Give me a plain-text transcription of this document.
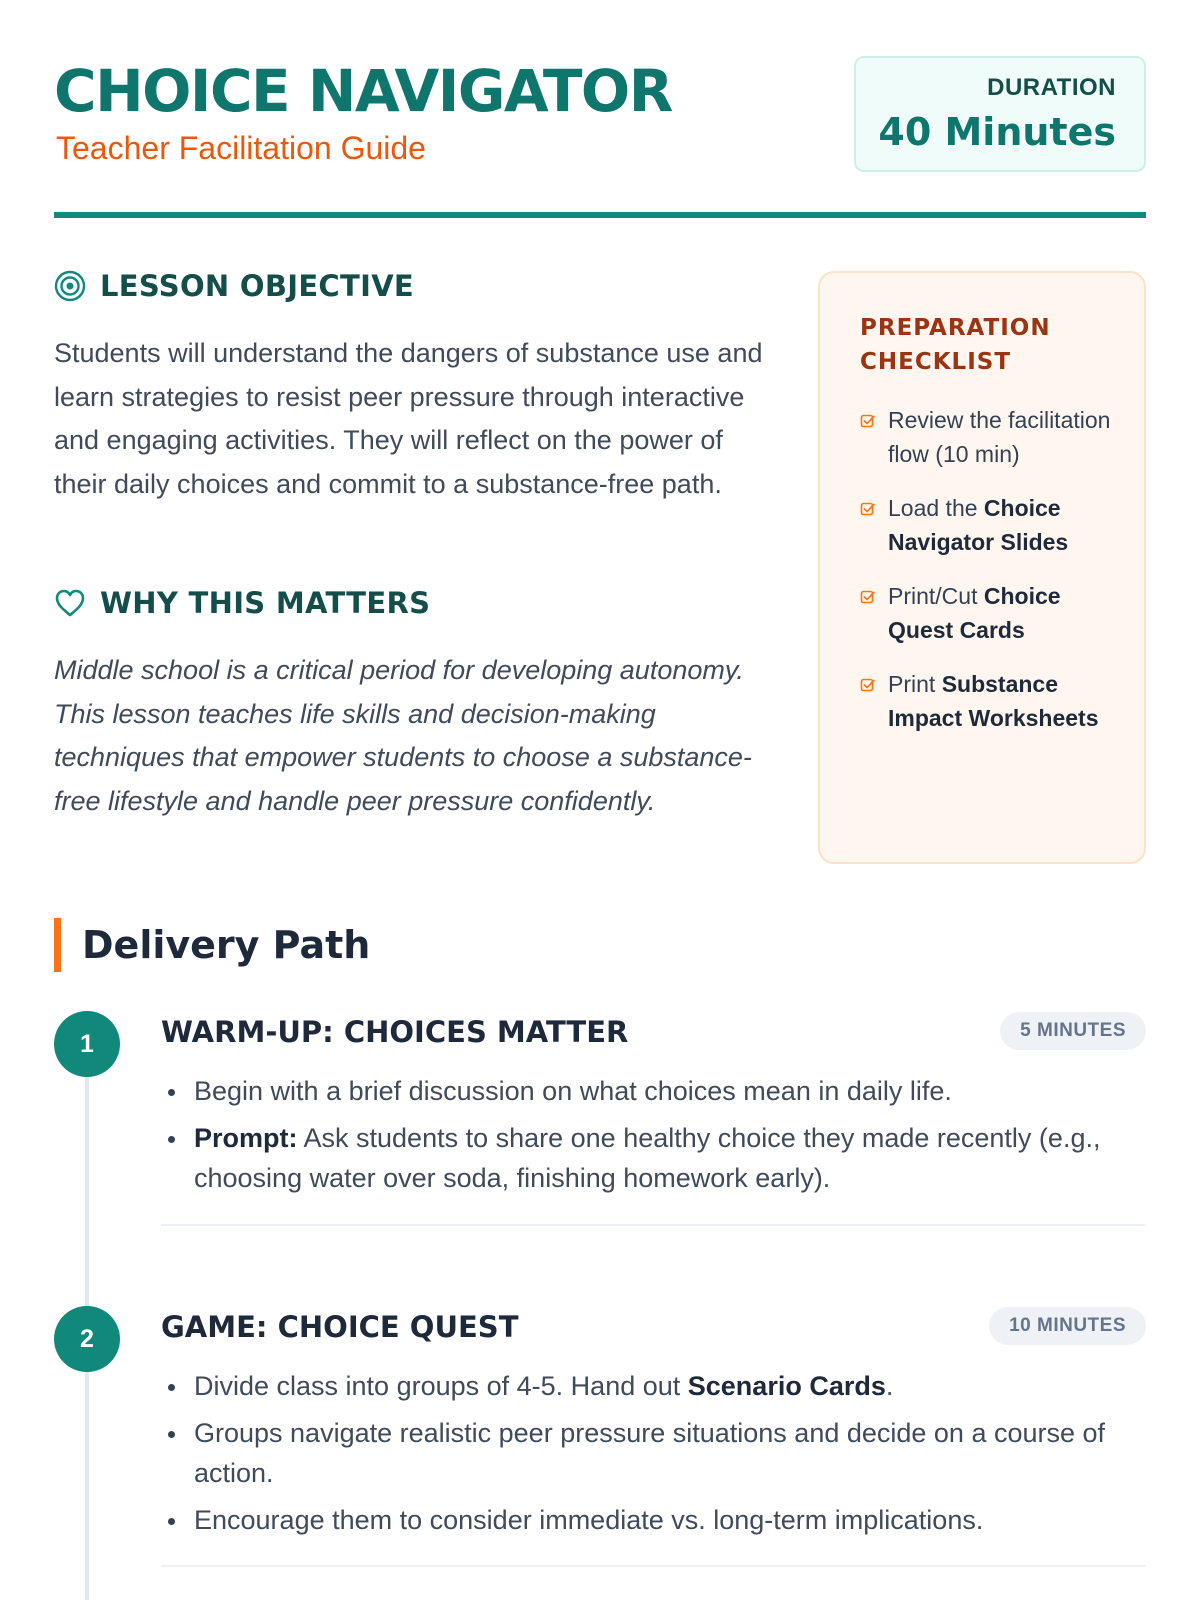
CHOICE NAVIGATOR
Teacher Facilitation Guide
DURATION
40 Minutes
LESSON OBJECTIVE

Students will understand the dangers of substance use and learn strategies to resist peer pressure through interactive and engaging activities. They will reflect on the power of their daily choices and commit to a substance-free path.

WHY THIS MATTERS

Middle school is a critical period for developing autonomy. This lesson teaches life skills and decision-making techniques that empower students to choose a substance-free lifestyle and handle peer pressure confidently.

PREPARATION CHECKLIST
Review the facilitation flow (10 min)
Load the Choice Navigator Slides
Print/Cut Choice Quest Cards
Print Substance Impact Worksheets
Delivery Path
1	WARM-UP: CHOICES MATTER	5 MINUTES
Begin with a brief discussion on what choices mean in daily life.
Prompt: Ask students to share one healthy choice they made recently (e.g., choosing water over soda, finishing homework early).
2	GAME: CHOICE QUEST	10 MINUTES
Divide class into groups of 4-5. Hand out Scenario Cards.
Groups navigate realistic peer pressure situations and decide on a course of action.
Encourage them to consider immediate vs. long-term implications.
